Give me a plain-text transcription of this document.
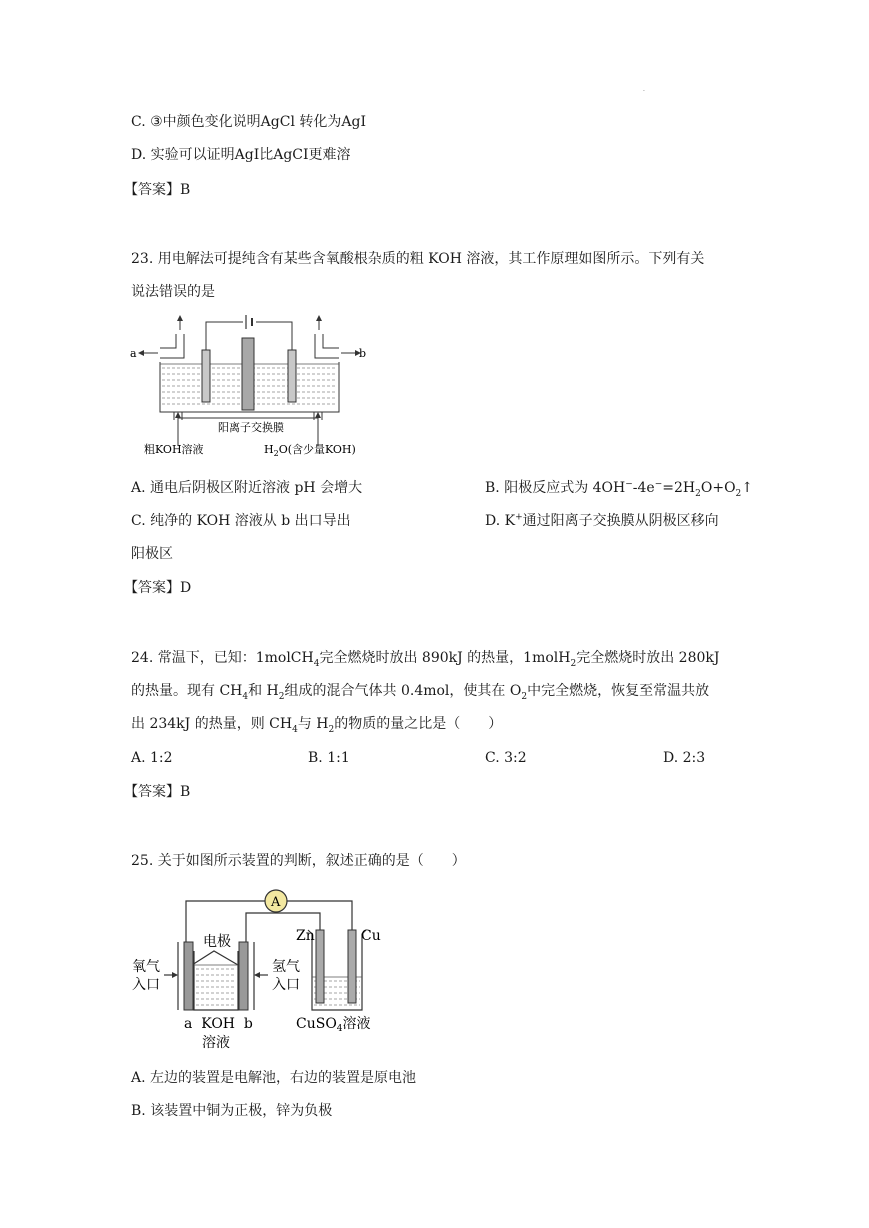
·
C. ③中颜色变化说明AgCl 转化为AgI
D. 实验可以证明AgI比AgCI更难溶
【答案】B
23. 用电解法可提纯含有某些含氧酸根杂质的粗 KOH 溶液，其工作原理如图所示。下列有关
说法错误的是
a	b
阳离子交换膜
粗KOH溶液	$H_2O$(含少量KOH)
A. 通电后阴极区附近溶液 pH 会增大	B. 阳极反应式为 $4OH^--4e^-=2H_2O+O_2↑$
C. 纯净的 KOH 溶液从 b 出口导出	D. K+通过阳离子交换膜从阴极区移向
阳极区
【答案】D
24. 常温下，已知：1molCH$_4$完全燃烧时放出 890kJ 的热量，1molH$_2$完全燃烧时放出 280kJ
的热量。现有 $CH_4$和 $H_2$组成的混合气体共 0.4mol，使其在 $O_2$中完全燃烧，恢复至常温共放
出 234kJ 的热量，则 $CH_4$与 $H_2$的物质的量之比是（　　）
A. 1:2	B. 1:1	C. 3:2	D. 2:3
【答案】B
25. 关于如图所示装置的判断，叙述正确的是（　　）
A
电极	Zn	Cu
氧气
入口
氢气
入口
a  KOH  b
溶液
CuSO$_4$溶液
A. 左边的装置是电解池，右边的装置是原电池
B. 该装置中铜为正极，锌为负极
